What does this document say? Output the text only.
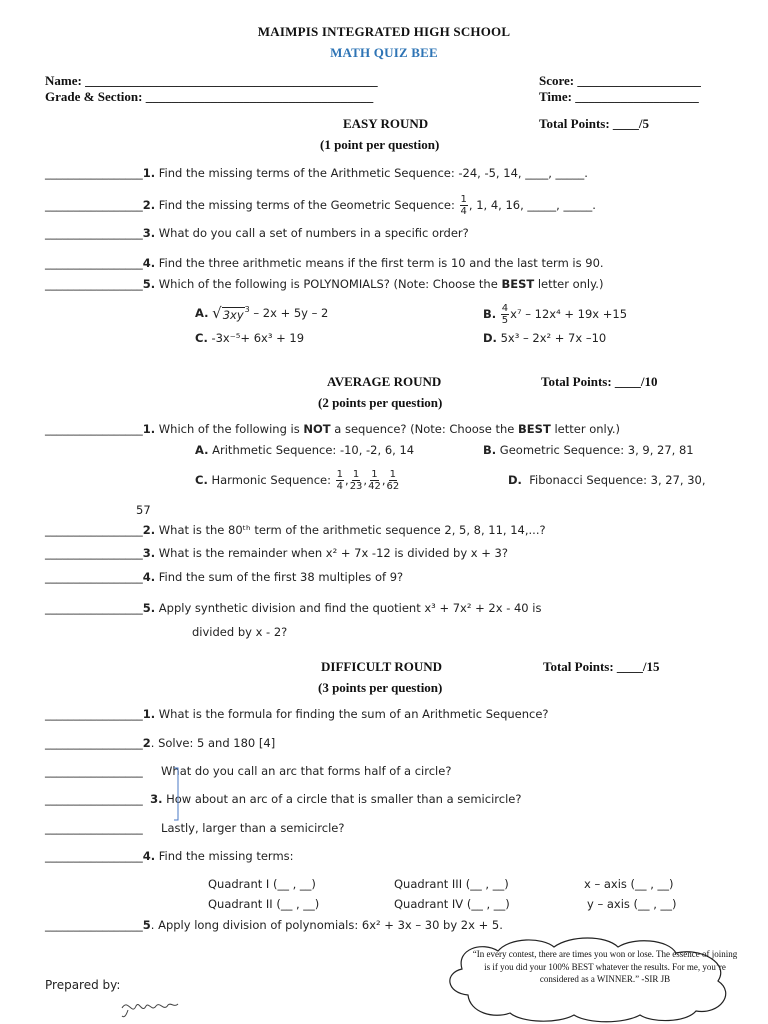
MAIMPIS INTEGRATED HIGH SCHOOL
MATH QUIZ BEE
Name: _____________________________________________
Grade & Section: ___________________________________
Score: ___________________
Time: ___________________
EASY ROUND	Total Points: ____/5
(1 point per question)
_________________1. Find the missing terms of the Arithmetic Sequence: -24, -5, 14, ____, _____.
_________________ 2.
Find the missing terms of the Geometric Sequence:
$\frac{1}{4}$ , 1, 4, 16, _____, _____.
_________________3. What do you call a set of numbers in a specific order?
_________________4. Find the three arithmetic means if the first term is 10 and the last term is 90.
_________________5. Which of the following is POLYNOMIALS? (Note: Choose the BEST letter only.)
A.
√ 3xy 3
– 2x + 5y – 2	B.
$\frac{4}{5} x^7 - 12x^4 + 19x +15$
C. -3x⁻⁵+ 6x³ + 19	D. 5x³ – 2x² + 7x –10
AVERAGE ROUND	Total Points: ____/10
(2 points per question)
_________________1. Which of the following is NOT a sequence? (Note: Choose the BEST letter only.)
A. Arithmetic Sequence: -10, -2, 6, 14	B. Geometric Sequence: 3, 9, 27, 81
C.
Harmonic Sequence:
$\frac{1}{4}$ , $\frac{1}{23}$ , $\frac{1}{42}$ , $\frac{1}{62}$	D. Fibonacci Sequence: 3, 27, 30,
57
_________________2. What is the 80ᵗʰ term of the arithmetic sequence 2, 5, 8, 11, 14,...?
_________________3. What is the remainder when x² + 7x -12 is divided by x + 3?
_________________4. Find the sum of the first 38 multiples of 9?
_________________5. Apply synthetic division and find the quotient x³ + 7x² + 2x - 40 is
divided by x - 2?
DIFFICULT ROUND	Total Points: ____/15
(3 points per question)
_________________1. What is the formula for finding the sum of an Arithmetic Sequence?
_________________2. Solve: 5 and 180 [4]
_________________ What do you call an arc that forms half of a circle?
_________________ 3. How about an arc of a circle that is smaller than a semicircle?
_________________ Lastly, larger than a semicircle?
_________________4. Find the missing terms:
Quadrant I (__ , __)	Quadrant III (__ , __)	x – axis (__ , __)
Quadrant II (__ , __)	Quadrant IV (__ , __)	y – axis (__ , __)
_________________5. Apply long division of polynomials: 6x² + 3x – 30 by 2x + 5.
Prepared by:
“In every contest, there are times you won or lose. The essence of joining is if you did your 100% BEST whatever the results. For me, you’re considered as a WINNER.” -SIR JB
